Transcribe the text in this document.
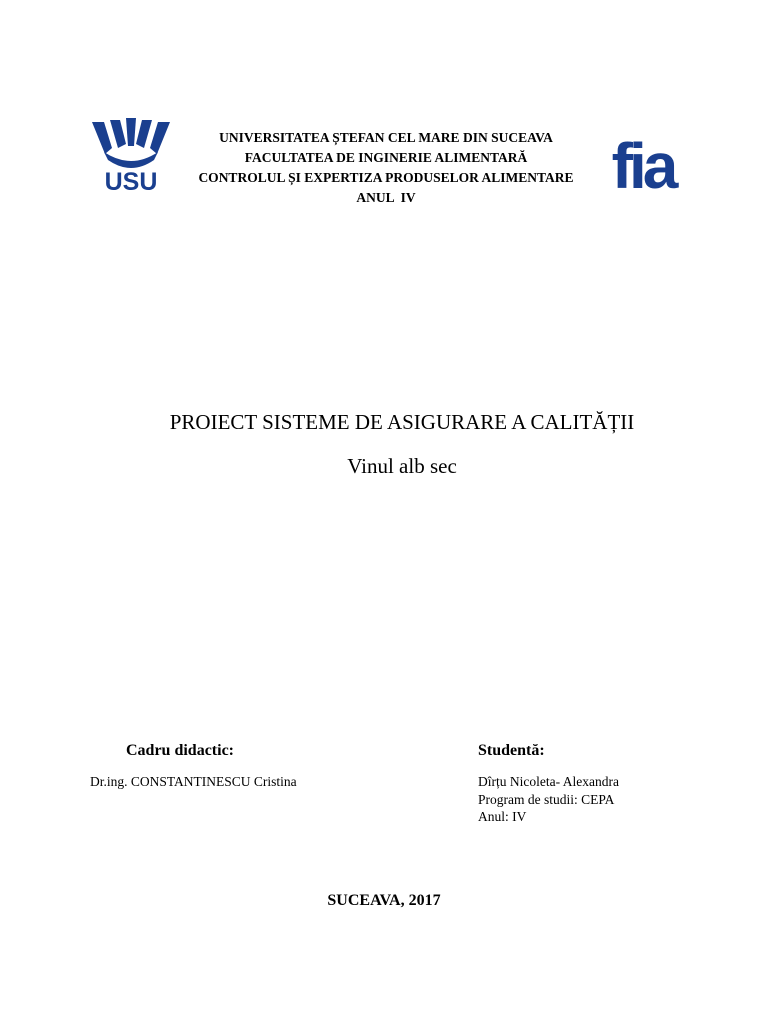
USU	fia
UNIVERSITATEA ȘTEFAN CEL MARE DIN SUCEAVA
FACULTATEA DE INGINERIE ALIMENTARĂ
CONTROLUL ȘI EXPERTIZA PRODUSELOR ALIMENTARE
ANUL  IV
PROIECT SISTEME DE ASIGURARE A CALITĂȚII
Vinul alb sec
Cadru didactic:	Studentă:
Dr.ing. CONSTANTINESCU Cristina	Dîrțu Nicoleta- Alexandra
Program de studii: CEPA
Anul: IV
SUCEAVA, 2017
